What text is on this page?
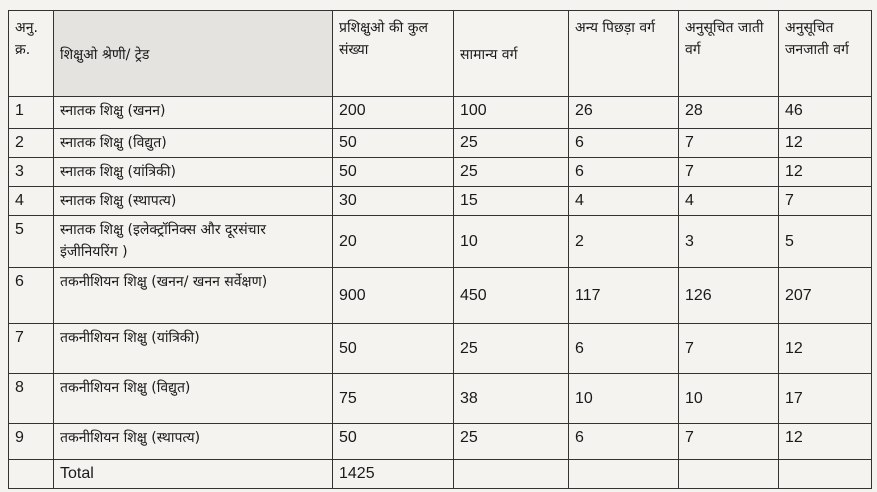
अनु. क्र.	शिक्षुओ श्रेणी/ ट्रेड	प्रशिक्षुओ की कुल संख्या	सामान्य वर्ग	अन्य पिछड़ा वर्ग	अनुसूचित जाती वर्ग	अनुसूचित जनजाती वर्ग
1	स्नातक शिक्षु (खनन)	200	100	26	28	46
2	स्नातक शिक्षु (विद्युत)	50	25	6	7	12
3	स्नातक शिक्षु (यांत्रिकी)	50	25	6	7	12
4	स्नातक शिक्षु (स्थापत्य)	30	15	4	4	7
5	स्नातक शिक्षु (इलेक्ट्रॉनिक्स और दूरसंचार इंजीनियरिंग )	20	10	2	3	5
6	तकनीशियन शिक्षु (खनन/ खनन सर्वेक्षण)	900	450	117	126	207
7	तकनीशियन शिक्षु (यांत्रिकी)	50	25	6	7	12
8	तकनीशियन शिक्षु (विद्युत)	75	38	10	10	17
9	तकनीशियन शिक्षु (स्थापत्य)	50	25	6	7	12
	Total	1425				
